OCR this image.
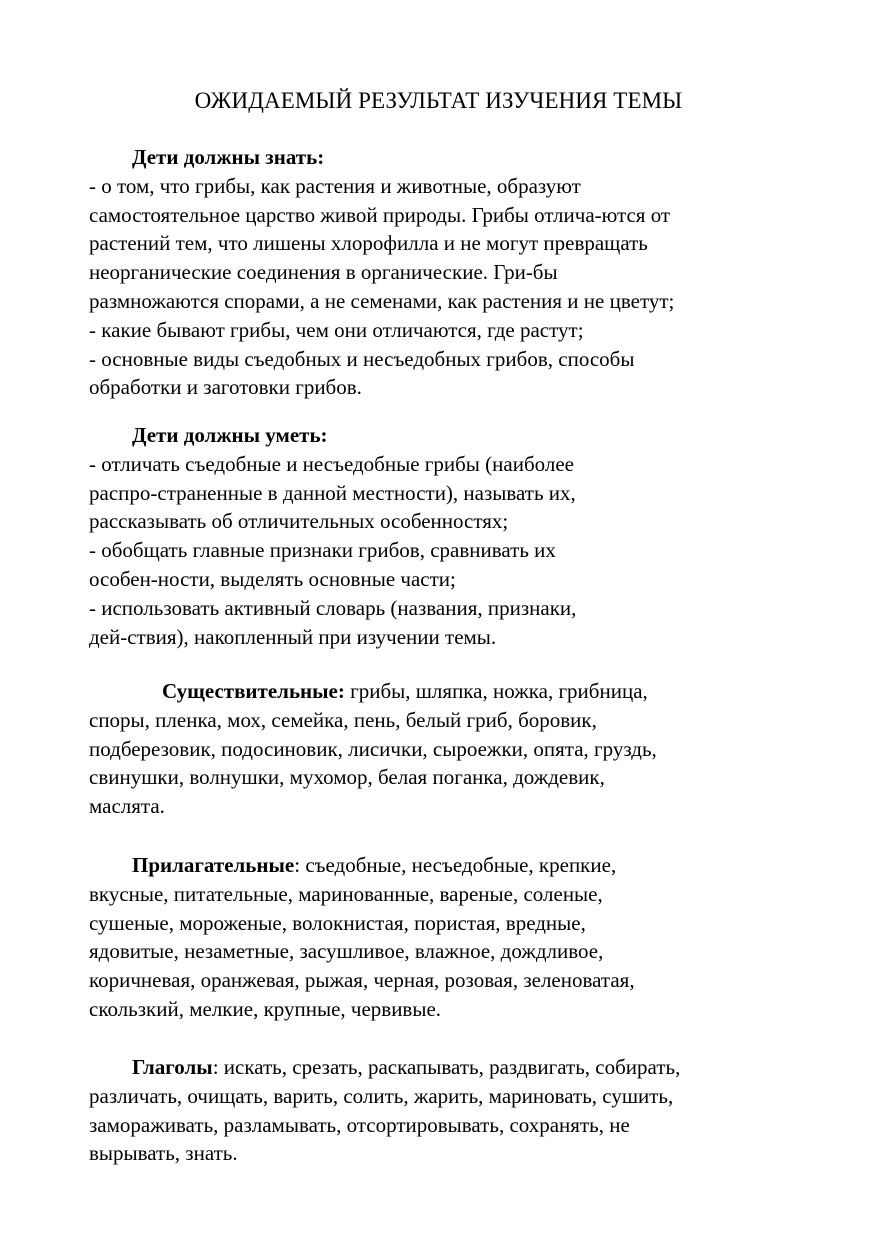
ОЖИДАЕМЫЙ РЕЗУЛЬТАТ ИЗУЧЕНИЯ ТЕМЫ
Дети должны знать:
- о том, что грибы, как растения и животные, образуют
самостоятельное царство живой природы. Грибы отлича-ются от
растений тем, что лишены хлорофилла и не могут превращать
неорганические соединения в органические. Гри-бы
размножаются спорами, а не семенами, как растения и не цветут;
- какие бывают грибы, чем они отличаются, где растут;
- основные виды съедобных и несъедобных грибов, способы
обработки и заготовки грибов.
Дети должны уметь:
- отличать съедобные и несъедобные грибы (наиболее
распро-страненные в данной местности), называть их,
рассказывать об отличительных особенностях;
- обобщать главные признаки грибов, сравнивать их
особен-ности, выделять основные части;
- использовать активный словарь (названия, признаки,
дей-ствия), накопленный при изучении темы.
Существительные: грибы, шляпка, ножка, грибница,
споры, пленка, мох, семейка, пень, белый гриб, боровик,
подберезовик, подосиновик, лисички, сыроежки, опята, груздь,
свинушки, волнушки, мухомор, белая поганка, дождевик,
маслята.
Прилагательные: съедобные, несъедобные, крепкие,
вкусные, питательные, маринованные, вареные, соленые,
сушеные, мороженые, волокнистая, пористая, вредные,
ядовитые, незаметные, засушливое, влажное, дождливое,
коричневая, оранжевая, рыжая, черная, розовая, зеленоватая,
скользкий, мелкие, крупные, червивые.
Глаголы: искать, срезать, раскапывать, раздвигать, собирать,
различать, очищать, варить, солить, жарить, мариновать, сушить,
замораживать, разламывать, отсортировывать, сохранять, не
вырывать, знать.
